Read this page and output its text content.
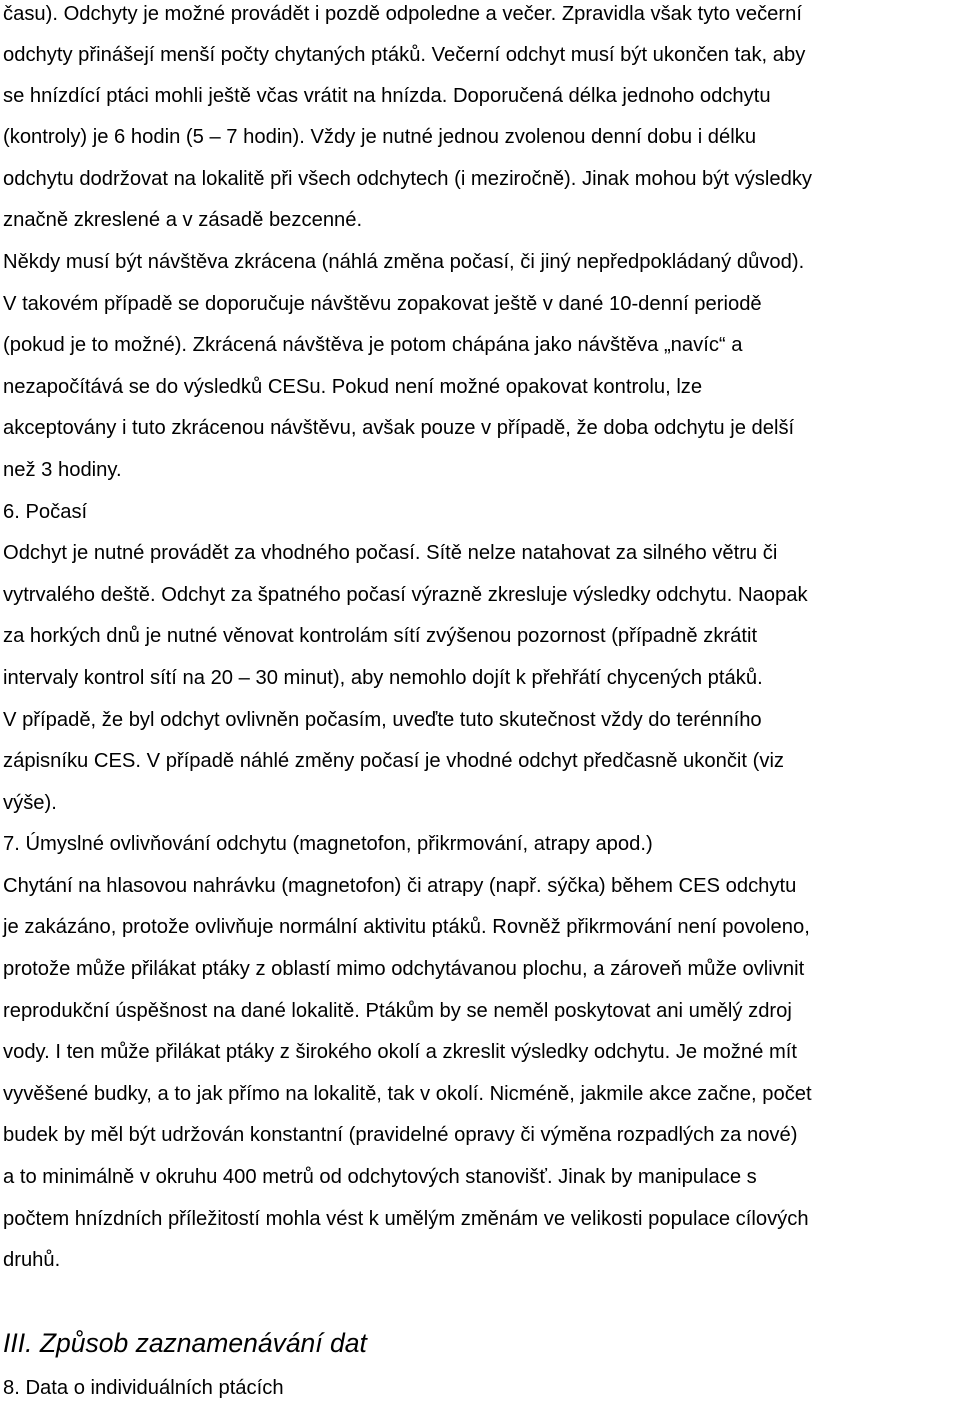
času). Odchyty je možné provádět i pozdě odpoledne a večer. Zpravidla však tyto večerní
odchyty přinášejí menší počty chytaných ptáků. Večerní odchyt musí být ukončen tak, aby
se hnízdící ptáci mohli ještě včas vrátit na hnízda. Doporučená délka jednoho odchytu
(kontroly) je 6 hodin (5 – 7 hodin). Vždy je nutné jednou zvolenou denní dobu i délku
odchytu dodržovat na lokalitě při všech odchytech (i meziročně). Jinak mohou být výsledky
značně zkreslené a v zásadě bezcenné.
Někdy musí být návštěva zkrácena (náhlá změna počasí, či jiný nepředpokládaný důvod).
V takovém případě se doporučuje návštěvu zopakovat ještě v dané 10-denní periodě
(pokud je to možné). Zkrácená návštěva je potom chápána jako návštěva „navíc“ a
nezapočítává se do výsledků CESu. Pokud není možné opakovat kontrolu, lze
akceptovány i tuto zkrácenou návštěvu, avšak pouze v případě, že doba odchytu je delší
než 3 hodiny.
6. Počasí
Odchyt je nutné provádět za vhodného počasí. Sítě nelze natahovat za silného větru či
vytrvalého deště. Odchyt za špatného počasí výrazně zkresluje výsledky odchytu. Naopak
za horkých dnů je nutné věnovat kontrolám sítí zvýšenou pozornost (případně zkrátit
intervaly kontrol sítí na 20 – 30 minut), aby nemohlo dojít k přehřátí chycených ptáků.
V případě, že byl odchyt ovlivněn počasím, uveďte tuto skutečnost vždy do terénního
zápisníku CES. V případě náhlé změny počasí je vhodné odchyt předčasně ukončit (viz
výše).
7. Úmyslné ovlivňování odchytu (magnetofon, přikrmování, atrapy apod.)
Chytání na hlasovou nahrávku (magnetofon) či atrapy (např. sýčka) během CES odchytu
je zakázáno, protože ovlivňuje normální aktivitu ptáků. Rovněž přikrmování není povoleno,
protože může přilákat ptáky z oblastí mimo odchytávanou plochu, a zároveň může ovlivnit
reprodukční úspěšnost na dané lokalitě. Ptákům by se neměl poskytovat ani umělý zdroj
vody. I ten může přilákat ptáky z širokého okolí a zkreslit výsledky odchytu. Je možné mít
vyvěšené budky, a to jak přímo na lokalitě, tak v okolí. Nicméně, jakmile akce začne, počet
budek by měl být udržován konstantní (pravidelné opravy či výměna rozpadlých za nové)
a to minimálně v okruhu 400 metrů od odchytových stanovišť. Jinak by manipulace s
počtem hnízdních příležitostí mohla vést k umělým změnám ve velikosti populace cílových
druhů.
III. Způsob zaznamenávání dat
8. Data o individuálních ptácích
